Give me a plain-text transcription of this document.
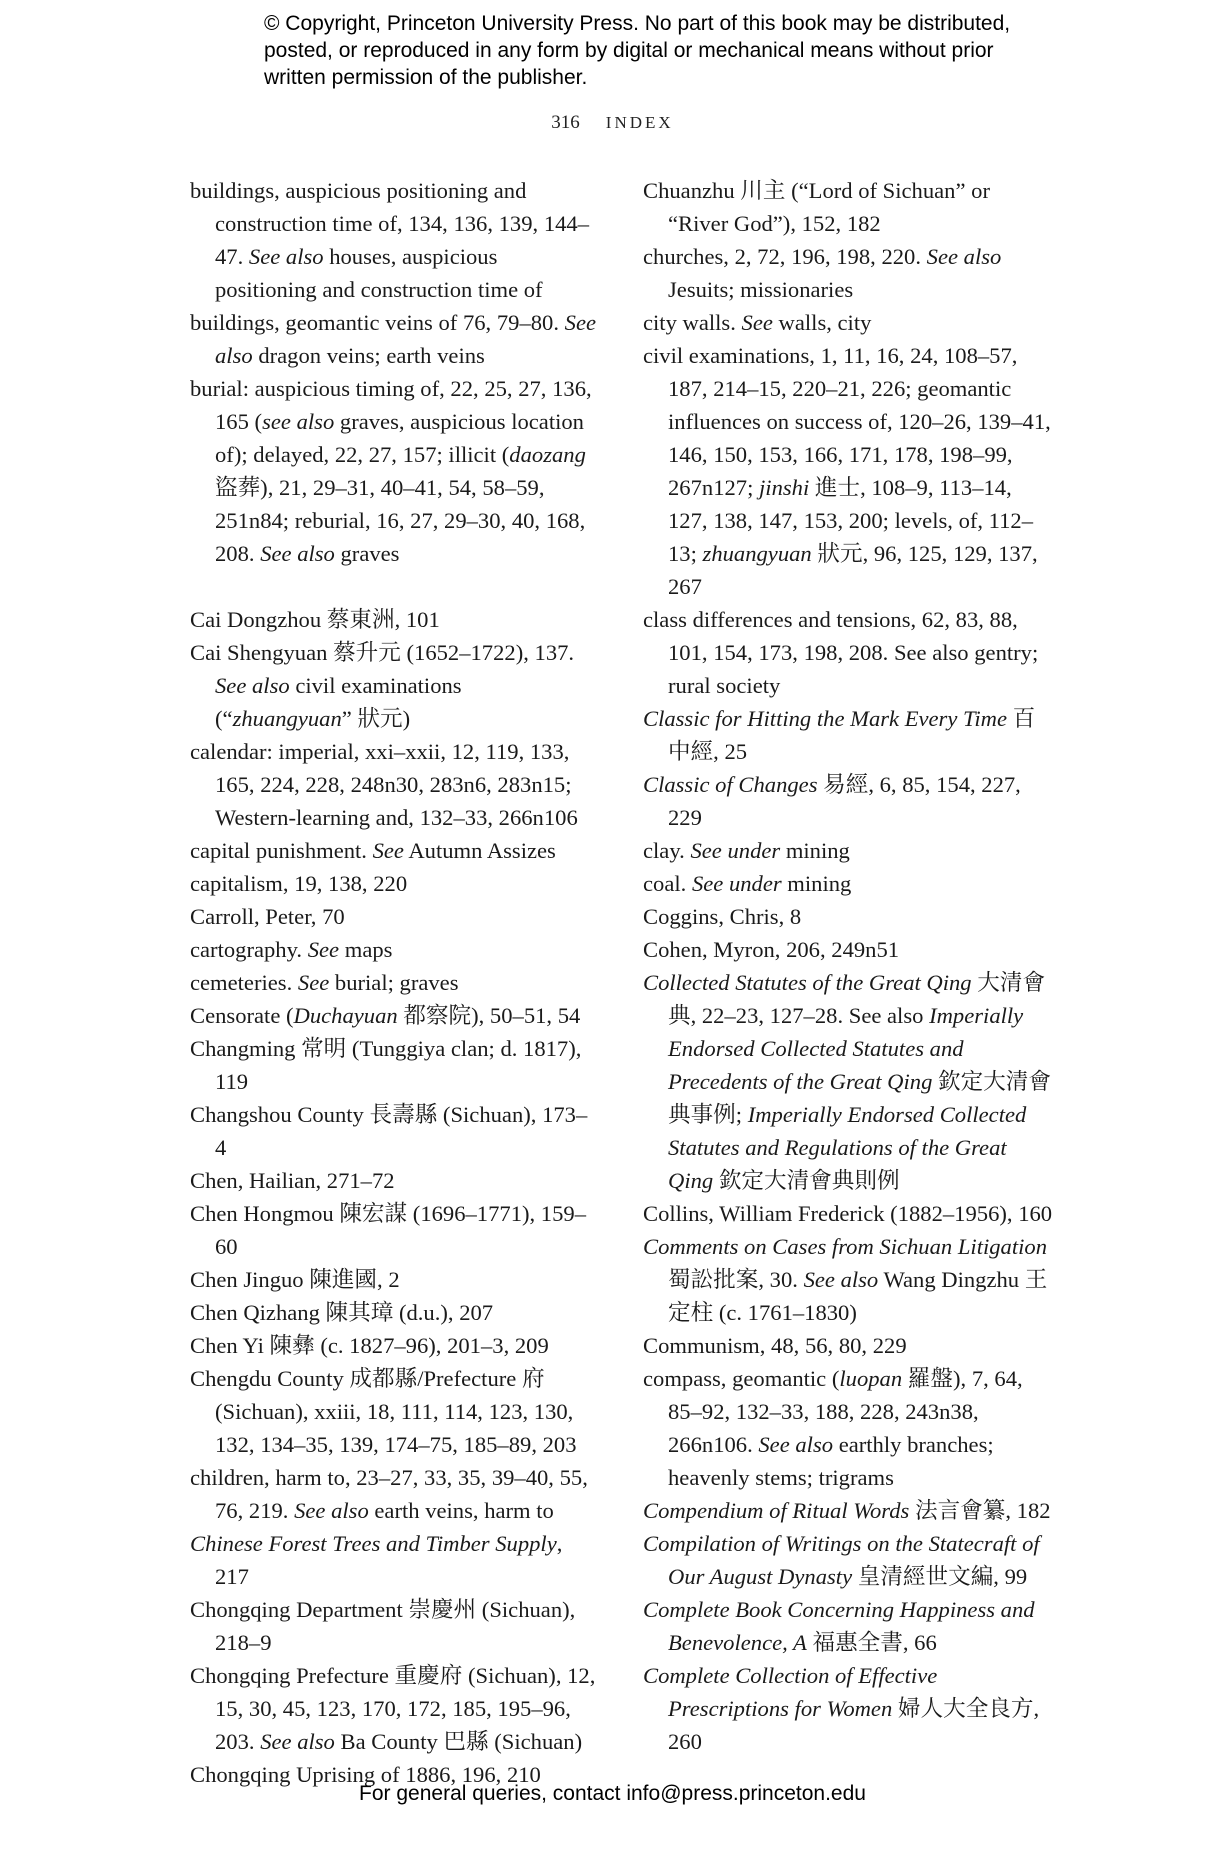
© Copyright, Princeton University Press. No part of this book may be distributed, posted, or reproduced in any form by digital or mechanical means without prior written permission of the publisher.
316 INDEX

buildings, auspicious positioning and construction time of, 134, 136, 139, 144–47. See also houses, auspicious positioning and construction time of

buildings, geomantic veins of 76, 79–80. See also dragon veins; earth veins

burial: auspicious timing of, 22, 25, 27, 136, 165 (see also graves, auspicious location of); delayed, 22, 27, 157; illicit (daozang 盜葬), 21, 29–31, 40–41, 54, 58–59, 251n84; reburial, 16, 27, 29–30, 40, 168, 208. See also graves

Cai Dongzhou 蔡東洲, 101

Cai Shengyuan 蔡升元 (1652–1722), 137. See also civil examinations (“zhuangyuan” 狀元)

calendar: imperial, xxi–xxii, 12, 119, 133, 165, 224, 228, 248n30, 283n6, 283n15; Western-learning and, 132–33, 266n106

capital punishment. See Autumn Assizes

capitalism, 19, 138, 220

Carroll, Peter, 70

cartography. See maps

cemeteries. See burial; graves

Censorate (Duchayuan 都察院), 50–51, 54

Changming 常明 (Tunggiya clan; d. 1817), 119

Changshou County 長壽縣 (Sichuan), 173–4

Chen, Hailian, 271–72

Chen Hongmou 陳宏謀 (1696–1771), 159–60

Chen Jinguo 陳進國, 2

Chen Qizhang 陳其璋 (d.u.), 207

Chen Yi 陳彝 (c. 1827–96), 201–3, 209

Chengdu County 成都縣/Prefecture 府 (Sichuan), xxiii, 18, 111, 114, 123, 130, 132, 134–35, 139, 174–75, 185–89, 203

children, harm to, 23–27, 33, 35, 39–40, 55, 76, 219. See also earth veins, harm to

Chinese Forest Trees and Timber Supply, 217

Chongqing Department 崇慶州 (Sichuan), 218–9

Chongqing Prefecture 重慶府 (Sichuan), 12, 15, 30, 45, 123, 170, 172, 185, 195–96, 203. See also Ba County 巴縣 (Sichuan)

Chongqing Uprising of 1886, 196, 210

Chuanzhu 川主 (“Lord of Sichuan” or “River God”), 152, 182

churches, 2, 72, 196, 198, 220. See also Jesuits; missionaries

city walls. See walls, city

civil examinations, 1, 11, 16, 24, 108–57, 187, 214–15, 220–21, 226; geomantic influences on success of, 120–26, 139–41, 146, 150, 153, 166, 171, 178, 198–99, 267n127; jinshi 進士, 108–9, 113–14, 127, 138, 147, 153, 200; levels, of, 112–13; zhuangyuan 狀元, 96, 125, 129, 137, 267

class differences and tensions, 62, 83, 88, 101, 154, 173, 198, 208. See also gentry; rural society

Classic for Hitting the Mark Every Time 百中經, 25

Classic of Changes 易經, 6, 85, 154, 227, 229

clay. See under mining

coal. See under mining

Coggins, Chris, 8

Cohen, Myron, 206, 249n51

Collected Statutes of the Great Qing 大清會典, 22–23, 127–28. See also Imperially Endorsed Collected Statutes and Precedents of the Great Qing 欽定大清會典事例; Imperially Endorsed Collected Statutes and Regulations of the Great Qing 欽定大清會典則例

Collins, William Frederick (1882–1956), 160

Comments on Cases from Sichuan Litigation 蜀訟批案, 30. See also Wang Dingzhu 王定柱 (c. 1761–1830)

Communism, 48, 56, 80, 229

compass, geomantic (luopan 羅盤), 7, 64, 85–92, 132–33, 188, 228, 243n38, 266n106. See also earthly branches; heavenly stems; trigrams

Compendium of Ritual Words 法言會纂, 182

Compilation of Writings on the Statecraft of Our August Dynasty 皇清經世文編, 99

Complete Book Concerning Happiness and Benevolence, A 福惠全書, 66

Complete Collection of Effective Prescriptions for Women 婦人大全良方, 260

For general queries, contact info@press.princeton.edu
